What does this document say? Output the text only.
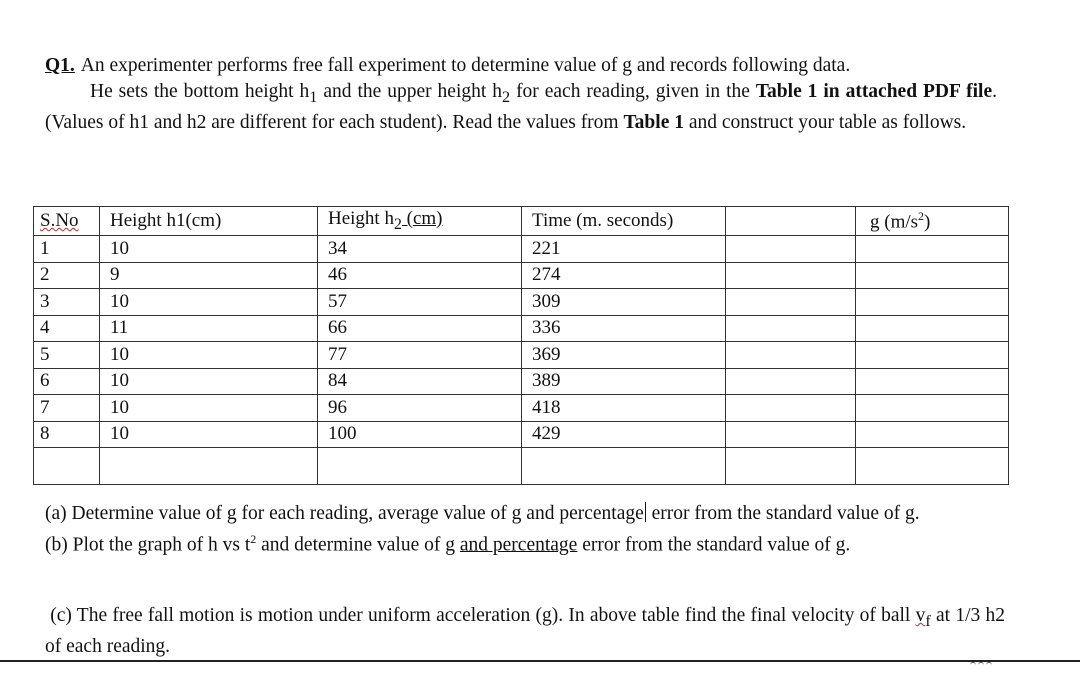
Q1. An experimenter performs free fall experiment to determine value of g and records following data.

He sets the bottom height $h_1$ and the upper height $h_2$ for each reading, given in the Table 1 in attached PDF file. (Values of h1 and h2 are different for each student). Read the values from Table 1 and construct your table as follows.

S.No	Height h1(cm)	Height $h_2$ (cm)	Time (m. seconds)		g $(m/s^2)$
1	10	34	221		
2	9	46	274		
3	10	57	309		
4	11	66	336		
5	10	77	369		
6	10	84	389		
7	10	96	418		
8	10	100	429		

(a) Determine value of g for each reading, average value of g and percentage error from the standard value of g.

(b) Plot the graph of h vs $t^2$ and determine value of g and percentage error from the standard value of g.

(c) The free fall motion is motion under uniform acceleration (g). In above table find the final velocity of ball $v_f$ at 1/3 h2 of each reading.
